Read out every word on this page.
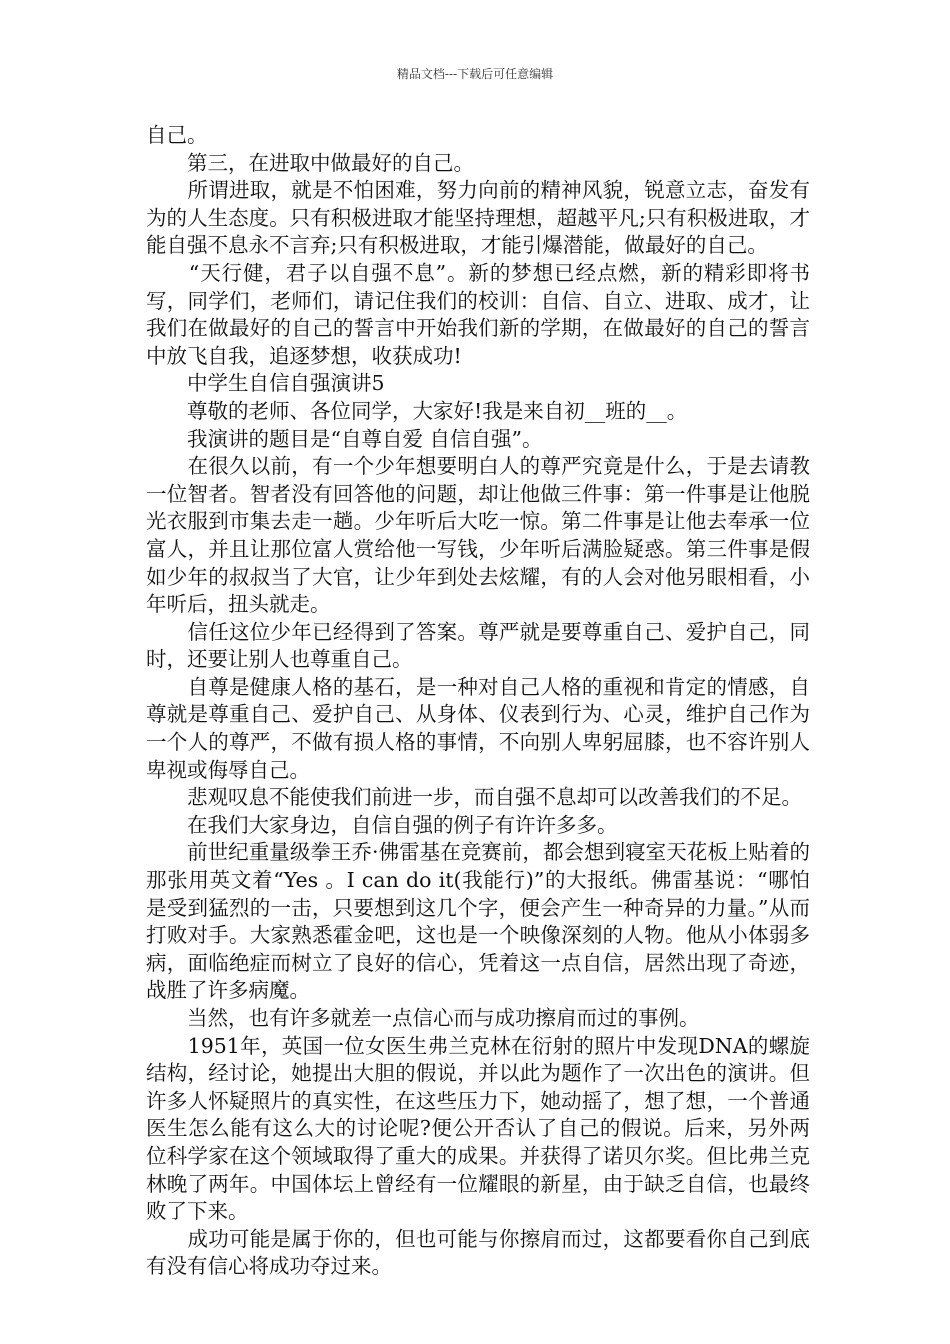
精品文档---下载后可任意编辑

自己。

　　第三，在进取中做最好的自己。

　　所谓进取，就是不怕困难，努力向前的精神风貌，锐意立志，奋发有为的人生态度。只有积极进取才能坚持理想，超越平凡;只有积极进取，才能自强不息永不言弃;只有积极进取，才能引爆潜能，做最好的自己。

　　“天行健，君子以自强不息”。新的梦想已经点燃，新的精彩即将书写，同学们，老师们，请记住我们的校训：自信、自立、进取、成才，让我们在做最好的自己的誓言中开始我们新的学期，在做最好的自己的誓言中放飞自我，追逐梦想，收获成功!

　　中学生自信自强演讲5

　　尊敬的老师、各位同学，大家好!我是来自初__班的__。

　　我演讲的题目是“自尊自爱 自信自强”。

　　在很久以前，有一个少年想要明白人的尊严究竟是什么，于是去请教一位智者。智者没有回答他的问题，却让他做三件事：第一件事是让他脱光衣服到市集去走一趟。少年听后大吃一惊。第二件事是让他去奉承一位富人，并且让那位富人赏给他一写钱，少年听后满脸疑惑。第三件事是假如少年的叔叔当了大官，让少年到处去炫耀，有的人会对他另眼相看，小年听后，扭头就走。

　　信任这位少年已经得到了答案。尊严就是要尊重自己、爱护自己，同时，还要让别人也尊重自己。

　　自尊是健康人格的基石，是一种对自己人格的重视和肯定的情感，自尊就是尊重自己、爱护自己、从身体、仪表到行为、心灵，维护自己作为一个人的尊严，不做有损人格的事情，不向别人卑躬屈膝，也不容许别人卑视或侮辱自己。

　　悲观叹息不能使我们前进一步，而自强不息却可以改善我们的不足。

　　在我们大家身边，自信自强的例子有许许多多。

　　前世纪重量级拳王乔·佛雷基在竞赛前，都会想到寝室天花板上贴着的那张用英文着“Yes 。I can do it(我能行)”的大报纸。佛雷基说：“哪怕是受到猛烈的一击，只要想到这几个字，便会产生一种奇异的力量。”从而打败对手。大家熟悉霍金吧，这也是一个映像深刻的人物。他从小体弱多病，面临绝症而树立了良好的信心，凭着这一点自信，居然出现了奇迹，战胜了许多病魔。

　　当然，也有许多就差一点信心而与成功擦肩而过的事例。

　　1951年，英国一位女医生弗兰克林在衍射的照片中发现DNA的螺旋结构，经讨论，她提出大胆的假说，并以此为题作了一次出色的演讲。但许多人怀疑照片的真实性，在这些压力下，她动摇了，想了想，一个普通医生怎么能有这么大的讨论呢?便公开否认了自己的假说。后来，另外两位科学家在这个领域取得了重大的成果。并获得了诺贝尔奖。但比弗兰克林晚了两年。中国体坛上曾经有一位耀眼的新星，由于缺乏自信，也最终败了下来。

　　成功可能是属于你的，但也可能与你擦肩而过，这都要看你自己到底有没有信心将成功夺过来。
